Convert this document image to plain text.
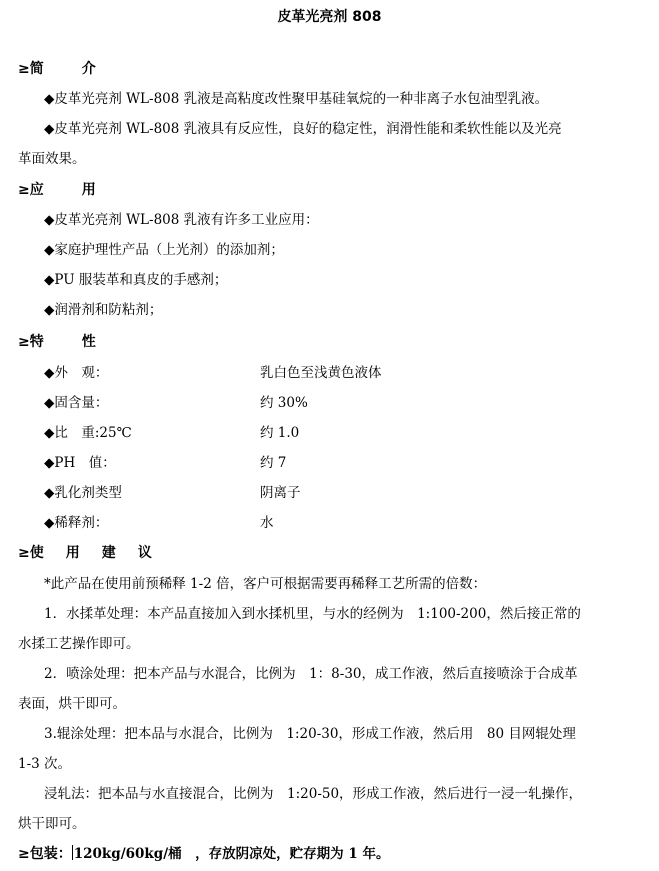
皮革光亮剂 808
≥简	介
◆皮革光亮剂 WL-808 乳液是高粘度改性聚甲基硅氧烷的一种非离子水包油型乳液。
◆皮革光亮剂 WL-808 乳液具有反应性，良好的稳定性，润滑性能和柔软性能以及光亮
革面效果。
≥应	用
◆皮革光亮剂 WL-808 乳液有许多工业应用：
◆家庭护理性产品（上光剂）的添加剂；
◆PU 服装革和真皮的手感剂；
◆润滑剂和防粘剂；
≥特	性
◆外　观：	乳白色至浅黄色液体
◆固含量：	约 30%
◆比　重:25℃	约 1.0
◆PH　值：	约 7
◆乳化剂类型	阴离子
◆稀释剂：	水
≥使 用 建 议
*此产品在使用前预稀释 1-2 倍，客户可根据需要再稀释工艺所需的倍数：
1．水揉革处理：本产品直接加入到水揉机里，与水的经例为　1:100-200，然后接正常的
水揉工艺操作即可。
2．喷涂处理：把本产品与水混合，比例为　1：8-30，成工作液，然后直接喷涂于合成革
表面，烘干即可。
3.辊涂处理：把本品与水混合，比例为　1:20-30，形成工作液，然后用　80 目网辊处理
1-3 次。
浸轧法：把本品与水直接混合，比例为　1:20-50，形成工作液，然后进行一浸一轧操作，
烘干即可。
≥包装： 120kg/60kg/桶　，存放阴凉处，贮存期为 1 年。
